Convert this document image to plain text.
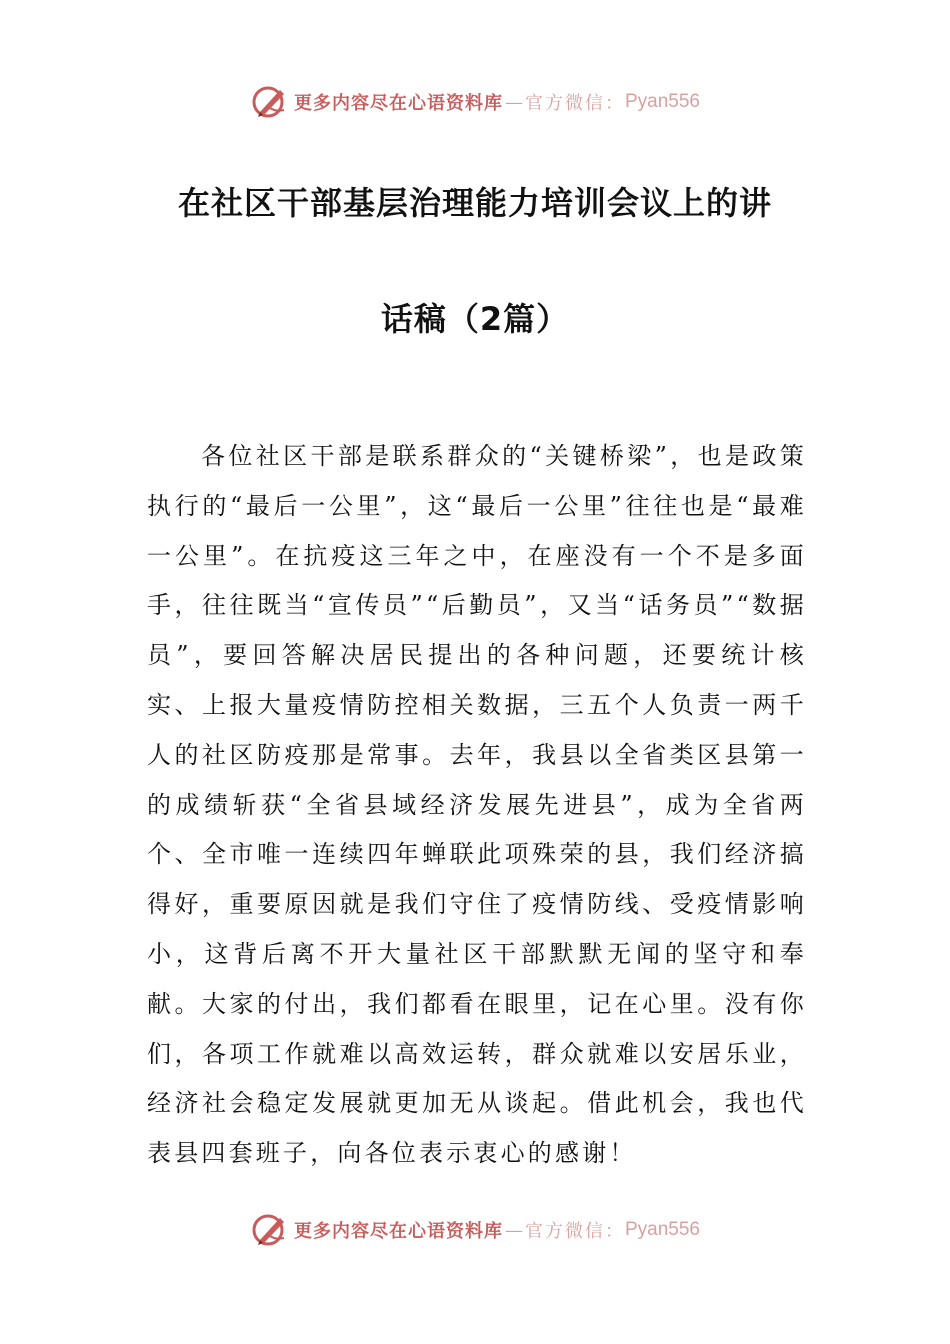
更多内容尽在心语资料库 — 官方微信： Pyan556
在社区干部基层治理能力培训会议上的讲
话稿（2篇）

各位社区干部是联系群众的“关键桥梁”，也是政策执行的“最后一公里”，这“最后一公里”往往也是“最难一公里”。在抗疫这三年之中，在座没有一个不是多面手，往往既当“宣传员”“后勤员”，又当“话务员”“数据员”，要回答解决居民提出的各种问题，还要统计核实、上报大量疫情防控相关数据，三五个人负责一两千人的社区防疫那是常事。去年，我县以全省类区县第一的成绩斩获“全省县域经济发展先进县”，成为全省两个、全市唯一连续四年蝉联此项殊荣的县，我们经济搞得好，重要原因就是我们守住了疫情防线、受疫情影响小，这背后离不开大量社区干部默默无闻的坚守和奉献。大家的付出，我们都看在眼里，记在心里。没有你们，各项工作就难以高效运转，群众就难以安居乐业，经济社会稳定发展就更加无从谈起。借此机会，我也代表县四套班子，向各位表示衷心的感谢！

更多内容尽在心语资料库 — 官方微信： Pyan556
